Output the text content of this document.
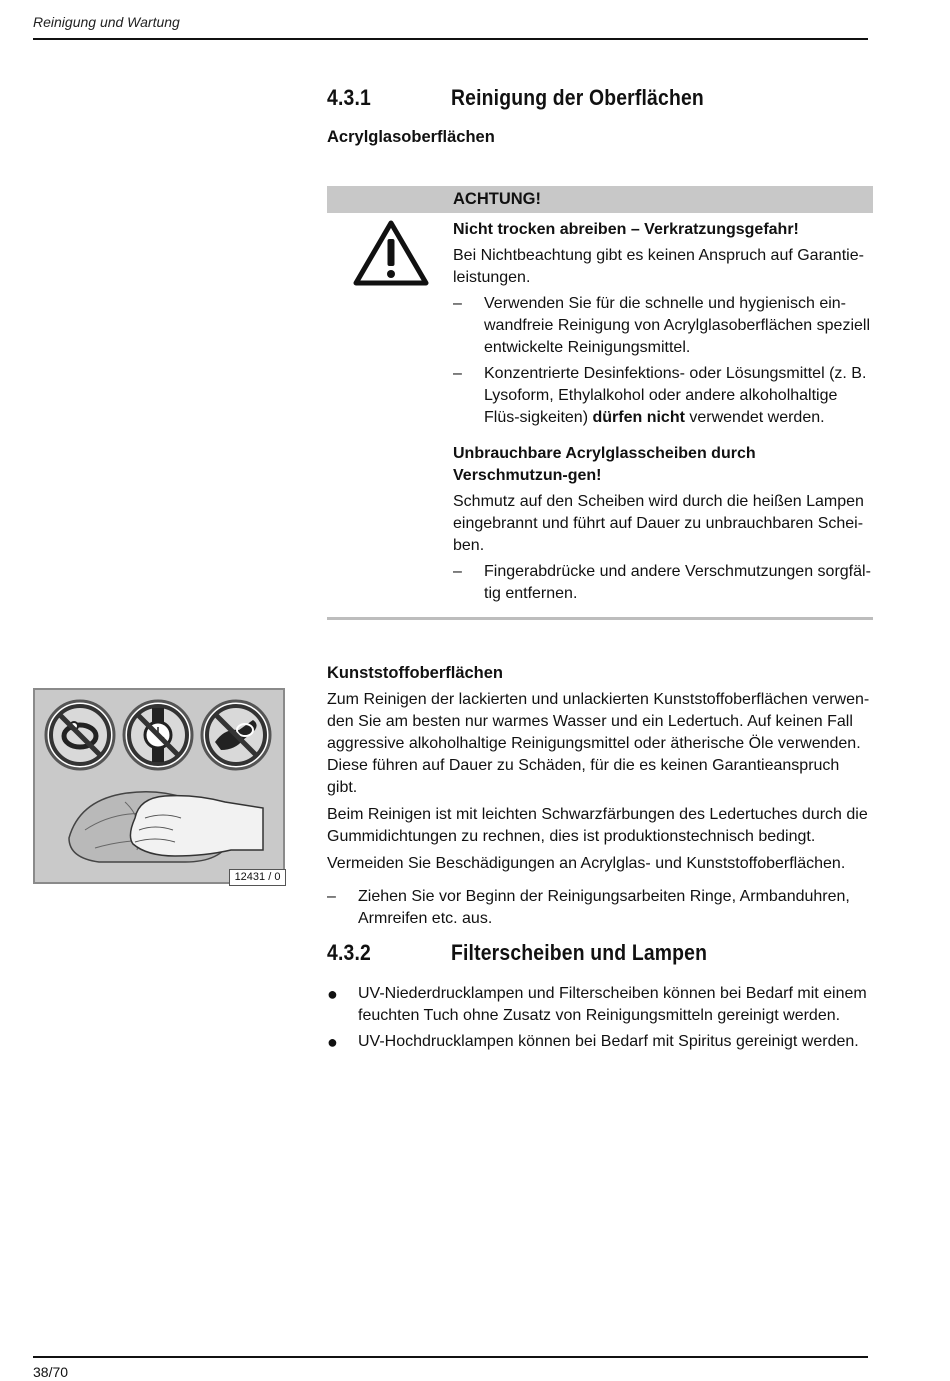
Reinigung und Wartung
4.3.1	Reinigung der Oberflächen
Acrylglasoberflächen
ACHTUNG!

Nicht trocken abreiben – Verkratzungsgefahr!

Bei Nichtbeachtung gibt es keinen Anspruch auf Garantie-leistungen.

– Verwenden Sie für die schnelle und hygienisch ein-wandfreie Reinigung von Acrylglasoberflächen speziell entwickelte Reinigungsmittel.
– Konzentrierte Desinfektions- oder Lösungsmittel (z. B. Lysoform, Ethylalkohol oder andere alkoholhaltige Flüs-sigkeiten) dürfen nicht verwendet werden.

Unbrauchbare Acrylglasscheiben durch Verschmutzun-gen!

Schmutz auf den Scheiben wird durch die heißen Lampen eingebrannt und führt auf Dauer zu unbrauchbaren Schei-ben.

– Fingerabdrücke und andere Verschmutzungen sorgfäl-tig entfernen.
12431 / 0

Kunststoffoberflächen

Zum Reinigen der lackierten und unlackierten Kunststoffoberflächen verwen-den Sie am besten nur warmes Wasser und ein Ledertuch. Auf keinen Fall aggressive alkoholhaltige Reinigungsmittel oder ätherische Öle verwenden. Diese führen auf Dauer zu Schäden, für die es keinen Garantieanspruch gibt.

Beim Reinigen ist mit leichten Schwarzfärbungen des Ledertuches durch die Gummidichtungen zu rechnen, dies ist produktionstechnisch bedingt.

Vermeiden Sie Beschädigungen an Acrylglas- und Kunststoffoberflächen.

– Ziehen Sie vor Beginn der Reinigungsarbeiten Ringe, Armbanduhren, Armreifen etc. aus.
4.3.2	Filterscheiben und Lampen
● UV-Niederdrucklampen und Filterscheiben können bei Bedarf mit einem feuchten Tuch ohne Zusatz von Reinigungsmitteln gereinigt werden.
● UV-Hochdrucklampen können bei Bedarf mit Spiritus gereinigt werden.
38/70
